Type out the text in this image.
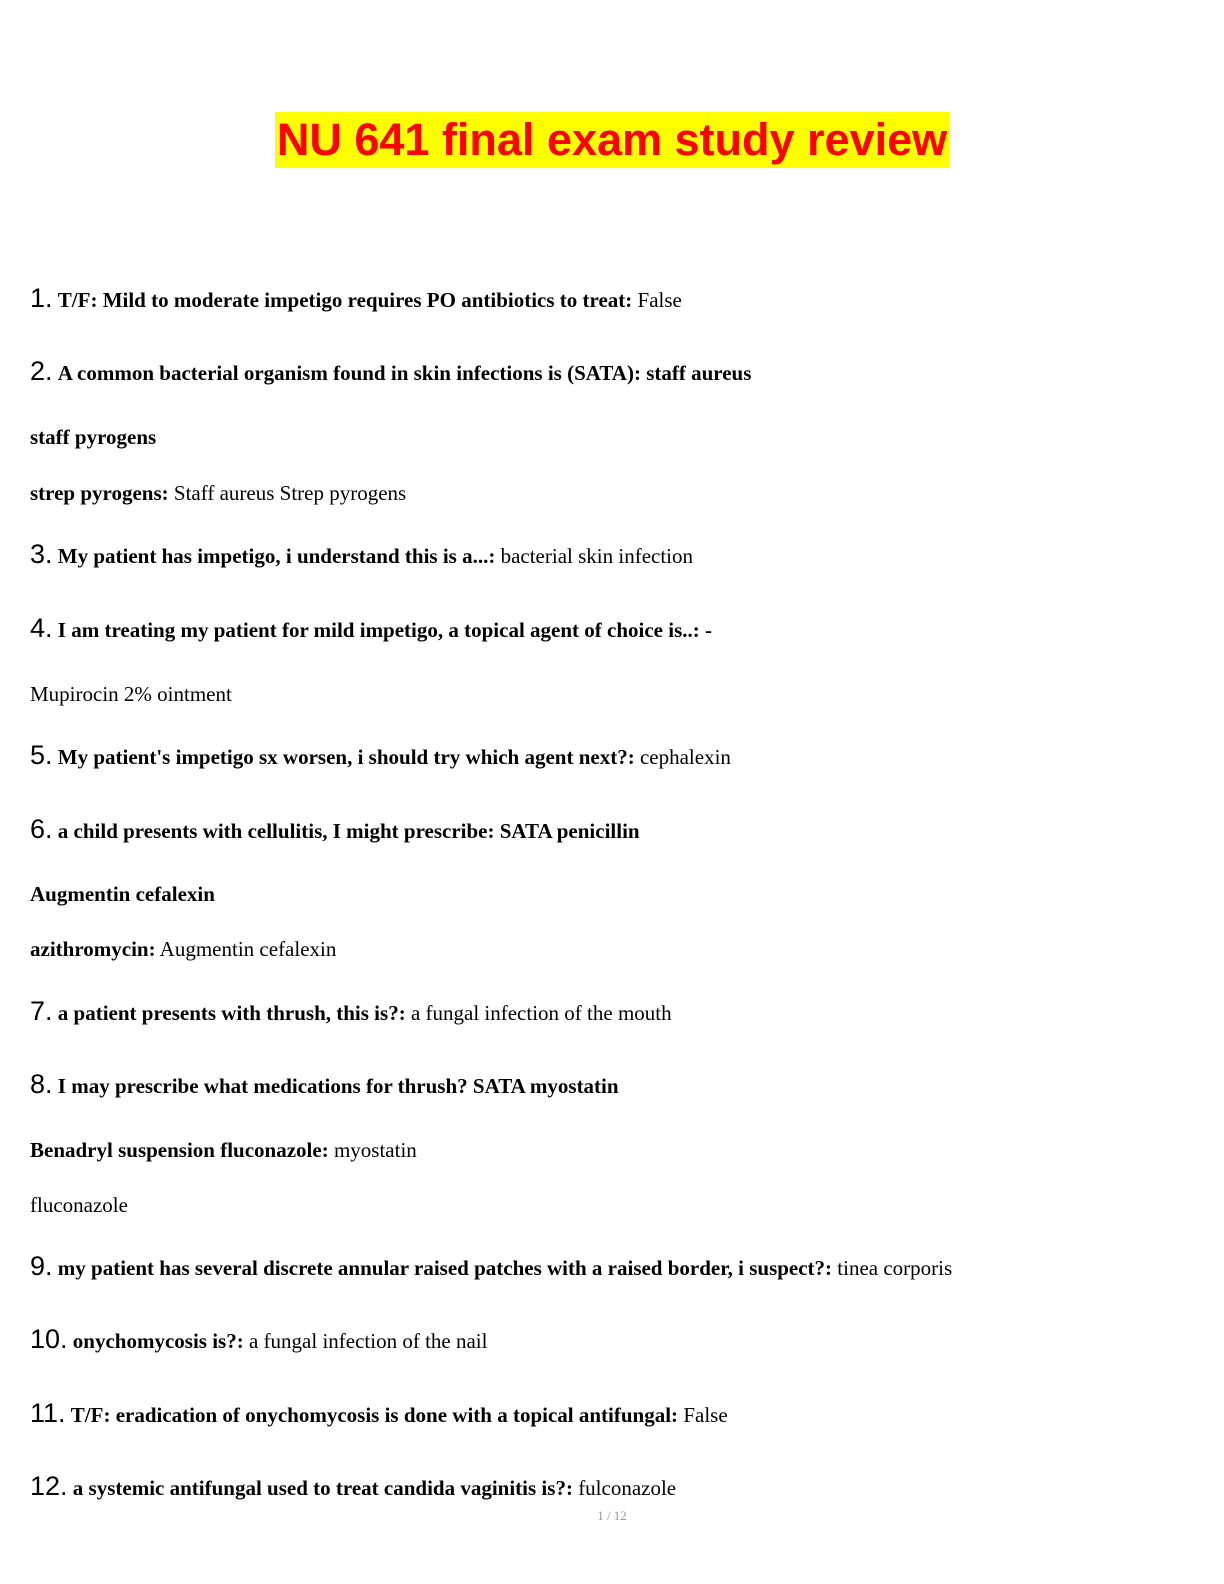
NU 641 final exam study review
1. T/F: Mild to moderate impetigo requires PO antibiotics to treat: False
2. A common bacterial organism found in skin infections is (SATA): staff aureus
staff pyrogens
strep pyrogens: Staff aureus Strep pyrogens
3. My patient has impetigo, i understand this is a...: bacterial skin infection
4. I am treating my patient for mild impetigo, a topical agent of choice is..: -
Mupirocin 2% ointment
5. My patient's impetigo sx worsen, i should try which agent next?: cephalexin
6. a child presents with cellulitis, I might prescribe: SATA penicillin
Augmentin cefalexin
azithromycin: Augmentin cefalexin
7. a patient presents with thrush, this is?: a fungal infection of the mouth
8. I may prescribe what medications for thrush? SATA myostatin
Benadryl suspension fluconazole: myostatin
fluconazole
9. my patient has several discrete annular raised patches with a raised border, i suspect?: tinea corporis
10. onychomycosis is?: a fungal infection of the nail
11. T/F: eradication of onychomycosis is done with a topical antifungal: False
12. a systemic antifungal used to treat candida vaginitis is?: fulconazole
1 / 12
